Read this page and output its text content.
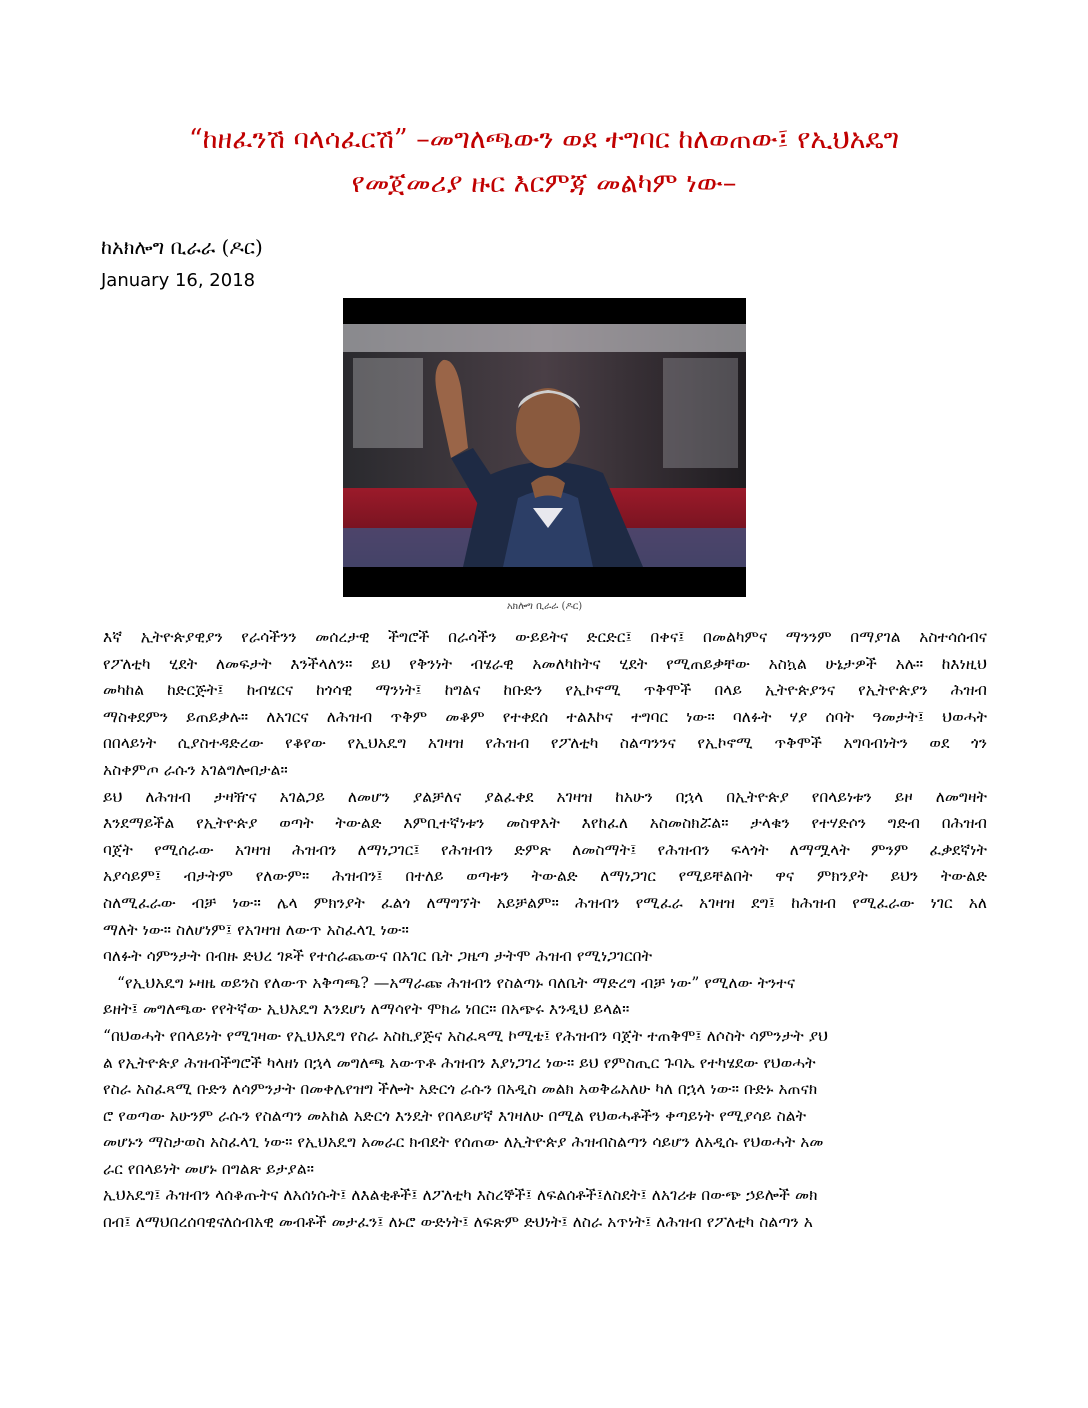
“ከዘፈንሽ ባላሳፈርሽ” –መግለጫውን ወደ ተግባር ከለወጠው፤ የኢህአዴግ
የመጀመሪያ ዙር እርምጃ መልካም ነው–
ከአክሎግ ቢራራ (ዶር)
January 16, 2018
አክሎግ ቢራራ (ዶር)
እኛ ኢትዮጵያዊያን የራሳችንን መሰረታዊ ችግሮች በራሳችን ውይይትና ድርድር፤ በቀና፤ በመልካምና ማንንም በማያገል አስተሳሰብና
የፖለቲካ ሂደት ለመፍታት እንችላለን። ይህ የቅንነት ብሄራዊ አመለካከትና ሂደት የሚጠይቃቸው አስኳል ሁኔታዎች አሉ። ከእነዚህ
መካከል ከድርጅት፤ ከብሄርና ከጎሳዊ ማንነት፤ ከግልና ከቡድን የኢኮኖሚ ጥቅሞች በላይ ኢትዮጵያንና የኢትዮጵያን ሕዝብ
ማስቀደምን ይጠይቃሉ። ለአገርና ለሕዝብ ጥቅም መቆም የተቀደሰ ተልእኮና ተግባር ነው። ባለፉት ሃያ ሰባት ዓመታት፤ ህወሓት
በበላይነት ሲያስተዳድረው የቆየው የኢህአዴግ አገዛዝ የሕዝብ የፖለቲካ ስልጣንንና የኢኮኖሚ ጥቅሞች አግባብነትን ወደ ጎን
አስቀምጦ ራሱን አገልግሎበታል።
ይህ ለሕዝብ ታዛዥና አገልጋይ ለመሆን ያልቻለና ያልፈቀደ አገዛዝ ከአሁን በኋላ በኢትዮጵያ የበላይነቱን ይዞ ለመግዛት
እንደማይችል የኢትዮጵያ ወጣት ትውልድ እምቢተኛነቱን መስዋእት እየከፈለ አስመስክሯል። ታላቁን የተሃድሶን ግድብ በሕዝብ
ባጀት የሚሰራው አገዛዝ ሕዝብን ለማነጋገር፤ የሕዝብን ድምጽ ለመስማት፤ የሕዝብን ፍላጎት ለማሟላት ምንም ፈቃደኛነት
አያሳይም፤ ብታትም የለውም። ሕዝብን፤ በተለይ ወጣቱን ትውልድ ለማነጋገር የሚይቸልበት ዋና ምክንያት ይህን ትውልድ
ስለሚፈራው ብቻ ነው። ሌላ ምክንያት ፈልጎ ለማግኘት አይቻልም። ሕዝብን የሚፈራ አገዛዝ ደግ፤ ከሕዝብ የሚፈራው ነገር አለ
ማለት ነው። ስለሆነም፤ የአገዛዝ ለውጥ አስፈላጊ ነው።
ባለፉት ሳምንታት በብዙ ድህረ ገጾች የተሰራጨውና በአገር ቤት ጋዜጣ ታትሞ ሕዝብ የሚነጋገርበት
“የኢህአዴግ ኑዛዜ ወይንስ የለውጥ አቅጣጫ? —አማራጩ ሕዝብን የስልጣኑ ባለቤት ማድረግ ብቻ ነው” የሚለው ትንተና
ይዘት፤ መግለጫው የየትኛው ኢህአዴግ እንደሆነ ለማሳየት ሞክሬ ነበር። በአጭሩ እንዲህ ይላል።
“በህወሓት የበላይነት የሚገዛው የኢህአዴግ የስራ አስኪያጅና አስፈጻሚ ኮሚቴ፤ የሕዝብን ባጀት ተጠቅሞ፤ ለሶስት ሳምንታት ያህ
ል የኢትዮጵያ ሕዝብችግሮች ካላዘነ በኋላ መግለጫ አውጥቶ ሕዝብን እያነጋገረ ነው። ይህ የምስጢር ጉባኤ የተካሄደው የህወሓት
የስራ አስፈጻሚ ቡድን ለሳምንታት በመቀሌየዝግ ችሎት አድርጎ ራሱን በአዲስ መልክ አወቅሬአለሁ ካለ በኋላ ነው። ቡድኑ አጠናክ
ሮ የወጣው አሁንም ራሱን የስልጣን መአከል አድርጎ እንዴት የበላይሆኛ እገዛለሁ በሚል የህወሓቶችን ቀጣይነት የሚያሳይ ስልት
መሆኑን ማስታወስ አስፈላጊ ነው። የኢህአዴግ አመራር ክብደት የሰጠው ለኢትዮጵያ ሕዝብስልጣን ሳይሆን ለአዲሱ የህወሓት አመ
ራር የበላይነት መሆኑ በግልጽ ይታያል።
ኢህአዴግ፤ ሕዝብን ላሰቆጡትና ለአሰነሱት፤ ለእልቂቶች፤ ለፖለቲካ እስረኞች፤ ለፍልሰቶች፤ለስደት፤ ለአገሪቱ በውጭ ኃይሎች መክ
በብ፤ ለማህበረሰባዊናለሰብአዊ መብቶች መታፈን፤ ለኑሮ ውድነት፤ ለፍጽም ድህነት፤ ለስራ አጥነት፤ ለሕዝብ የፖለቲካ ስልጣን አ
